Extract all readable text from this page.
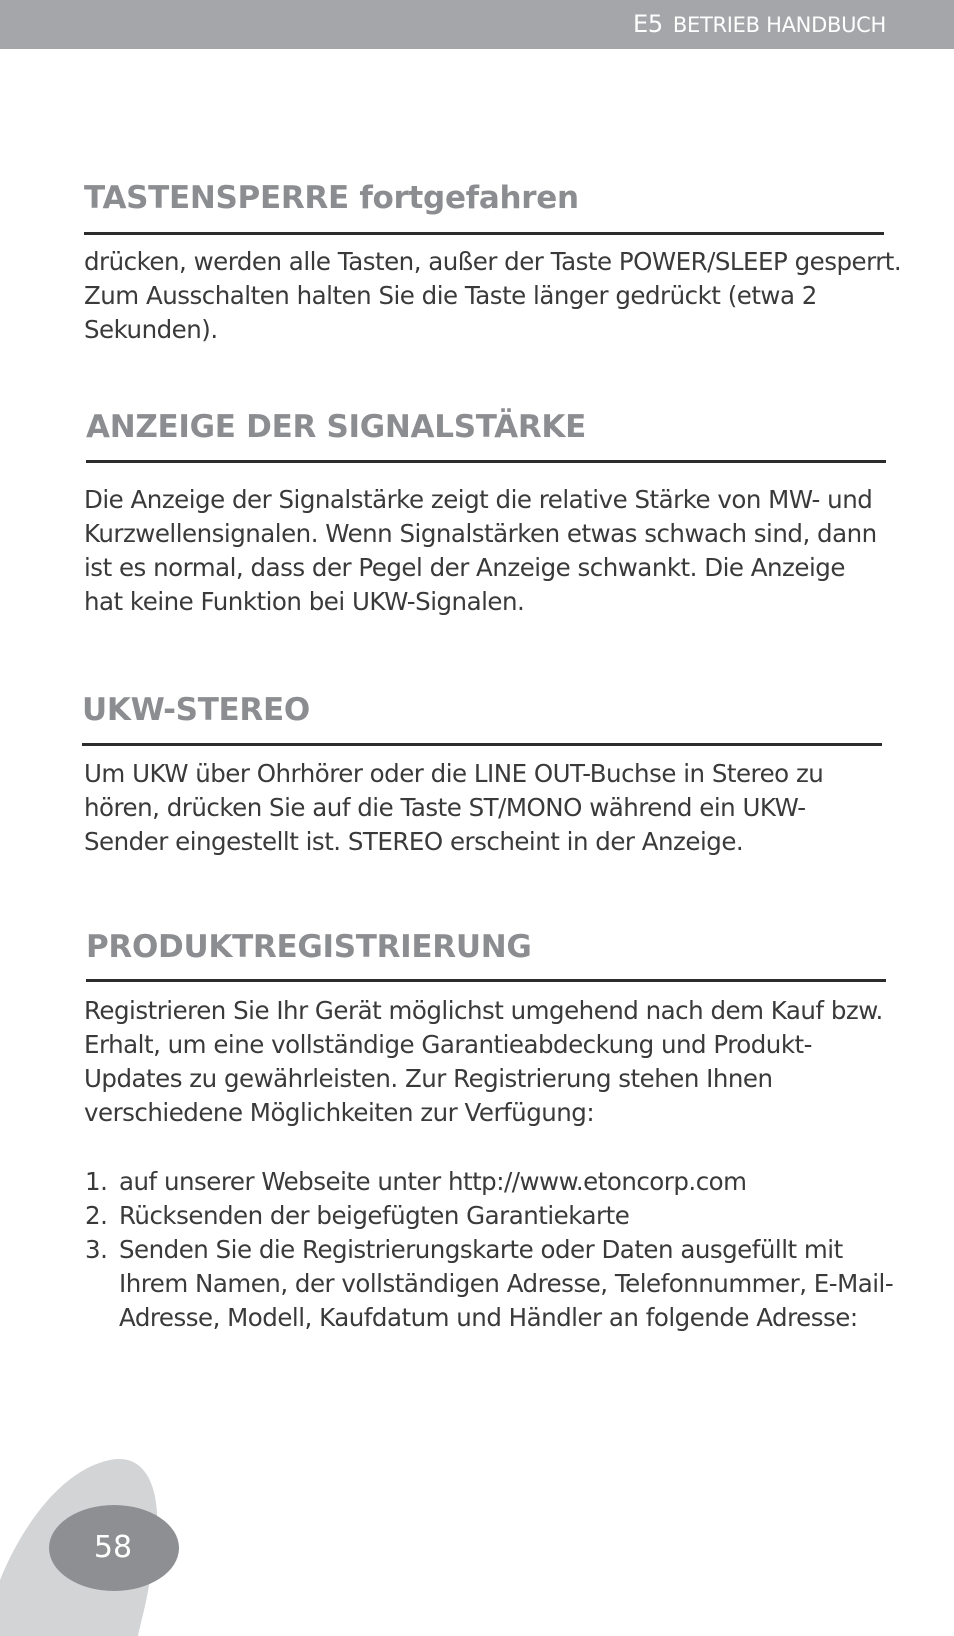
E5 BETRIEB HANDBUCH
TASTENSPERRE fortgefahren

drücken, werden alle Tasten, außer der Taste POWER/SLEEP gesperrt. Zum Ausschalten halten Sie die Taste länger gedrückt (etwa 2 Sekunden).

ANZEIGE DER SIGNALSTÄRKE

Die Anzeige der Signalstärke zeigt die relative Stärke von MW- und Kurzwellensignalen. Wenn Signalstärken etwas schwach sind, dann ist es normal, dass der Pegel der Anzeige schwankt. Die Anzeige hat keine Funktion bei UKW-Signalen.

UKW-STEREO

Um UKW über Ohrhörer oder die LINE OUT-Buchse in Stereo zu hören, drücken Sie auf die Taste ST/MONO während ein UKW-Sender eingestellt ist. STEREO erscheint in der Anzeige.

PRODUKTREGISTRIERUNG

Registrieren Sie Ihr Gerät möglichst umgehend nach dem Kauf bzw. Erhalt, um eine vollständige Garantieabdeckung und Produkt-Updates zu gewährleisten. Zur Registrierung stehen Ihnen verschiedene Möglichkeiten zur Verfügung:

1. auf unserer Webseite unter http://www.etoncorp.com
2. Rücksenden der beigefügten Garantiekarte
3. Senden Sie die Registrierungskarte oder Daten ausgefüllt mit Ihrem Namen, der vollständigen Adresse, Telefonnummer, E-Mail-Adresse, Modell, Kaufdatum und Händler an folgende Adresse:
58
